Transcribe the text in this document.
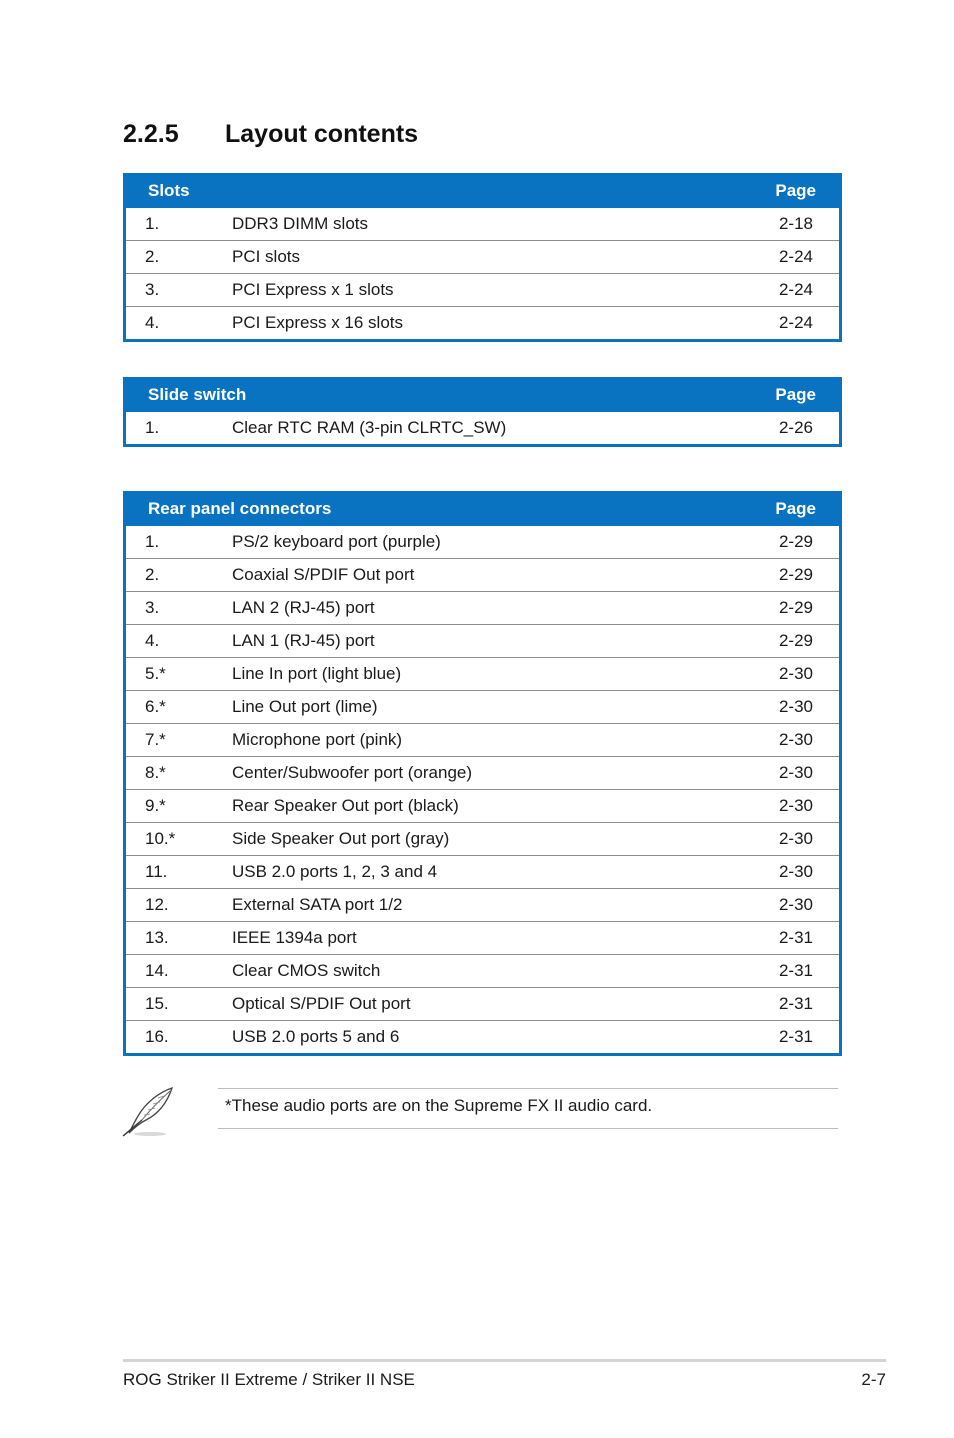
2.2.5 Layout contents
Slots	Page
1.	DDR3 DIMM slots	2-18
2.	PCI slots	2-24
3.	PCI Express x 1 slots	2-24
4.	PCI Express x 16 slots	2-24
Slide switch	Page
1.	Clear RTC RAM (3-pin CLRTC_SW)	2-26
Rear panel connectors	Page
1.	PS/2 keyboard port (purple)	2-29
2.	Coaxial S/PDIF Out port	2-29
3.	LAN 2 (RJ-45) port	2-29
4.	LAN 1 (RJ-45) port	2-29
5.*	Line In port (light blue)	2-30
6.*	Line Out port (lime)	2-30
7.*	Microphone port (pink)	2-30
8.*	Center/Subwoofer port (orange)	2-30
9.*	Rear Speaker Out port (black)	2-30
10.*	Side Speaker Out port (gray)	2-30
11.	USB 2.0 ports 1, 2, 3 and 4	2-30
12.	External SATA port 1/2	2-30
13.	IEEE 1394a port	2-31
14.	Clear CMOS switch	2-31
15.	Optical S/PDIF Out port	2-31
16.	USB 2.0 ports 5 and 6	2-31
*These audio ports are on the Supreme FX II audio card.
ROG Striker II Extreme / Striker II NSE	2-7
